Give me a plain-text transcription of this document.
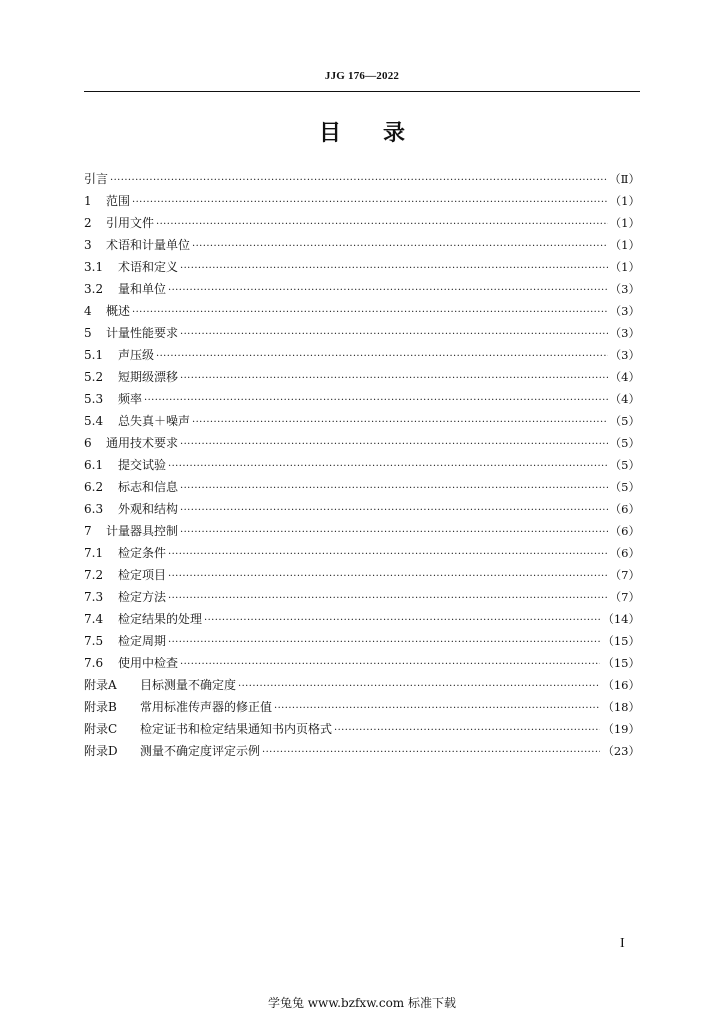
JJG 176—2022
目 录
引言 ·····	（Ⅱ）
1	范围 ·····	（1）
2	引用文件 ·····	（1）
3	术语和计量单位 ·····	（1）
3.1	术语和定义 ·····	（1）
3.2	量和单位 ·····	（3）
4	概述 ·····	（3）
5	计量性能要求 ·····	（3）
5.1	声压级 ·····	（3）
5.2	短期级漂移 ·····	（4）
5.3	频率 ·····	（4）
5.4	总失真＋噪声 ·····	（5）
6	通用技术要求 ·····	（5）
6.1	提交试验 ·····	（5）
6.2	标志和信息 ·····	（5）
6.3	外观和结构 ·····	（6）
7	计量器具控制 ·····	（6）
7.1	检定条件 ·····	（6）
7.2	检定项目 ·····	（7）
7.3	检定方法 ·····	（7）
7.4	检定结果的处理 ·····	（14）
7.5	检定周期 ·····	（15）
7.6	使用中检查 ·····	（15）
附录A	目标测量不确定度 ·····	（16）
附录B	常用标准传声器的修正值 ·····	（18）
附录C	检定证书和检定结果通知书内页格式 ·····	（19）
附录D	测量不确定度评定示例 ·····	（23）
I
学兔兔 www.bzfxw.com 标准下载
